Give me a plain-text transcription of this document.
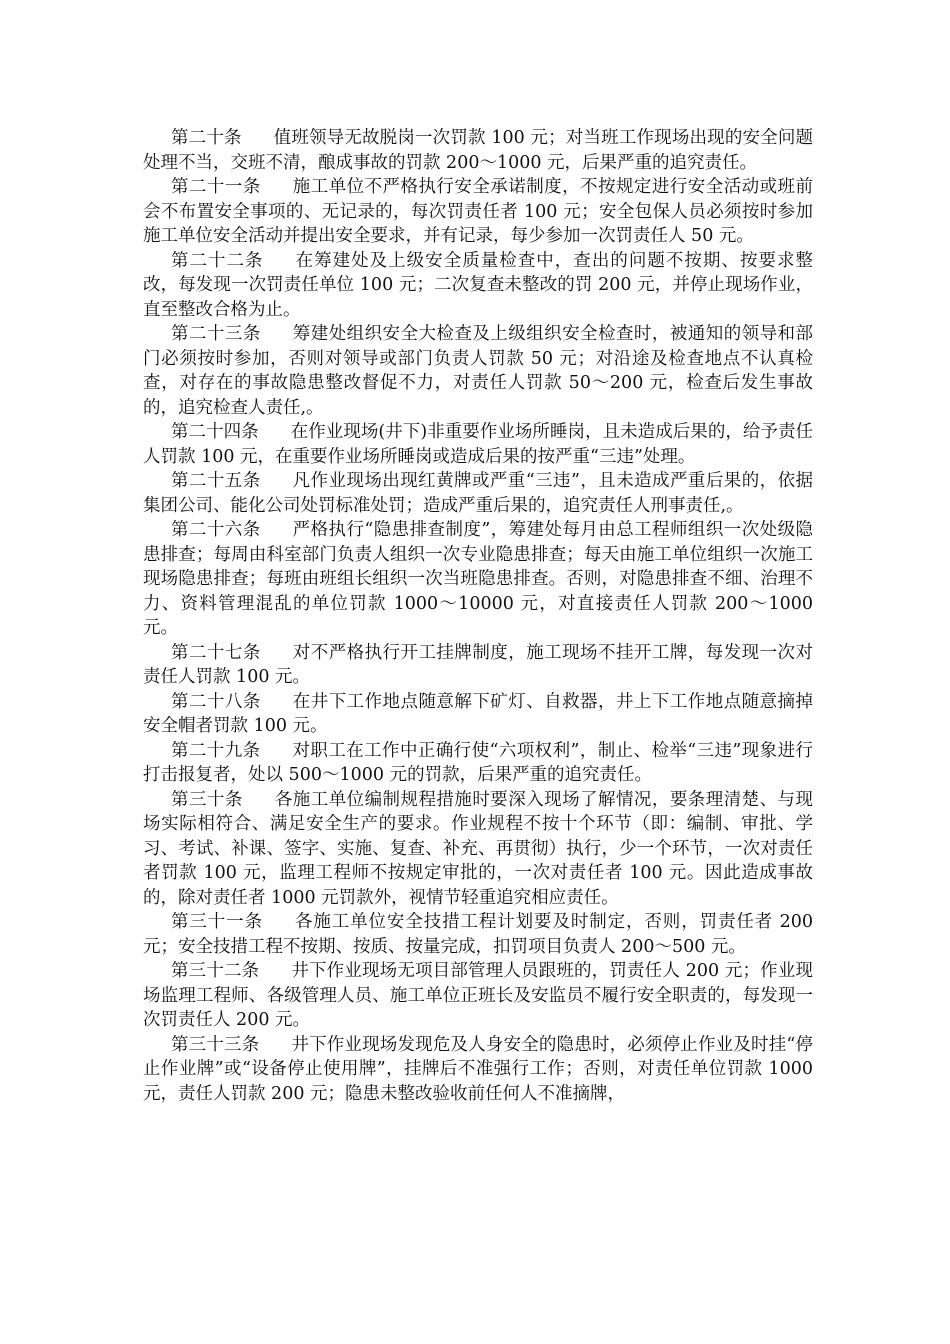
第二十条 值班领导无故脱岗一次罚款 100 元；对当班工作现场出现的安全问题处理不当，交班不清，酿成事故的罚款 200～1000 元，后果严重的追究责任。

第二十一条 施工单位不严格执行安全承诺制度，不按规定进行安全活动或班前会不布置安全事项的、无记录的，每次罚责任者 100 元；安全包保人员必须按时参加施工单位安全活动并提出安全要求，并有记录，每少参加一次罚责任人 50 元。

第二十二条 在筹建处及上级安全质量检查中，查出的问题不按期、按要求整改，每发现一次罚责任单位 100 元；二次复查未整改的罚 200 元，并停止现场作业，直至整改合格为止。

第二十三条 筹建处组织安全大检查及上级组织安全检查时，被通知的领导和部门必须按时参加，否则对领导或部门负责人罚款 50 元；对沿途及检查地点不认真检查，对存在的事故隐患整改督促不力，对责任人罚款 50～200 元，检查后发生事故的，追究检查人责任,。

第二十四条 在作业现场(井下)非重要作业场所睡岗，且未造成后果的，给予责任人罚款 100 元，在重要作业场所睡岗或造成后果的按严重“三违”处理。

第二十五条 凡作业现场出现红黄牌或严重“三违”，且未造成严重后果的，依据集团公司、能化公司处罚标准处罚；造成严重后果的，追究责任人刑事责任,。

第二十六条 严格执行“隐患排查制度”，筹建处每月由总工程师组织一次处级隐患排查；每周由科室部门负责人组织一次专业隐患排查；每天由施工单位组织一次施工现场隐患排查；每班由班组长组织一次当班隐患排查。否则，对隐患排查不细、治理不力、资料管理混乱的单位罚款 1000～10000 元，对直接责任人罚款 200～1000 元。

第二十七条 对不严格执行开工挂牌制度，施工现场不挂开工牌，每发现一次对责任人罚款 100 元。

第二十八条 在井下工作地点随意解下矿灯、自救器，井上下工作地点随意摘掉安全帽者罚款 100 元。

第二十九条 对职工在工作中正确行使“六项权利”，制止、检举“三违”现象进行打击报复者，处以 500～1000 元的罚款，后果严重的追究责任。

第三十条 各施工单位编制规程措施时要深入现场了解情况，要条理清楚、与现场实际相符合、满足安全生产的要求。作业规程不按十个环节（即：编制、审批、学习、考试、补课、签字、实施、复查、补充、再贯彻）执行，少一个环节，一次对责任者罚款 100 元，监理工程师不按规定审批的，一次对责任者 100 元。因此造成事故的，除对责任者 1000 元罚款外，视情节轻重追究相应责任。

第三十一条 各施工单位安全技措工程计划要及时制定，否则，罚责任者 200 元；安全技措工程不按期、按质、按量完成，扣罚项目负责人 200～500 元。

第三十二条 井下作业现场无项目部管理人员跟班的，罚责任人 200 元；作业现场监理工程师、各级管理人员、施工单位正班长及安监员不履行安全职责的，每发现一次罚责任人 200 元。

第三十三条 井下作业现场发现危及人身安全的隐患时，必须停止作业及时挂“停止作业牌”或“设备停止使用牌”，挂牌后不准强行工作；否则，对责任单位罚款 1000 元，责任人罚款 200 元；隐患未整改验收前任何人不准摘牌，
